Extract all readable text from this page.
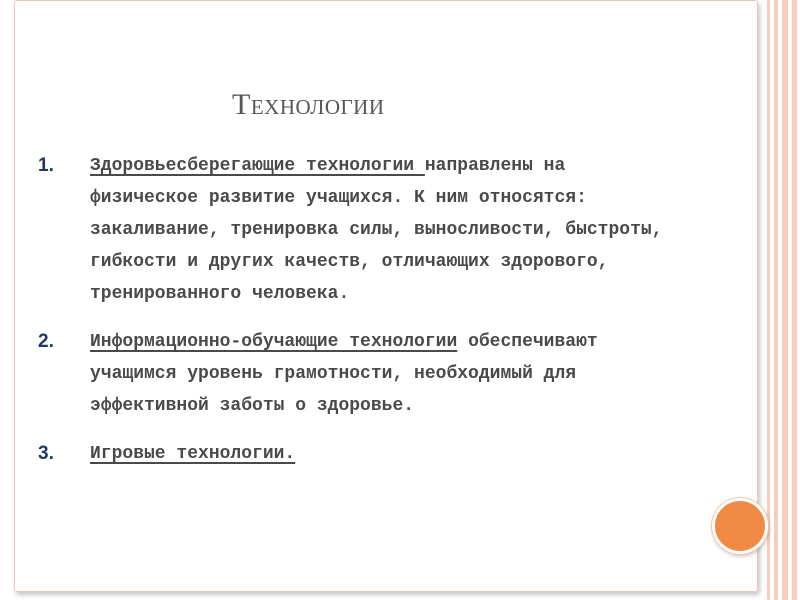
Технологии
1. Здоровьесберегающие технологии направлены на физическое развитие учащихся. К ним относятся: закаливание, тренировка силы, выносливости, быстроты, гибкости и других качеств, отличающих здорового, тренированного человека.
2. Информационно-обучающие технологии обеспечивают учащимся уровень грамотности, необходимый для эффективной заботы о здоровье.
3. Игровые технологии.
